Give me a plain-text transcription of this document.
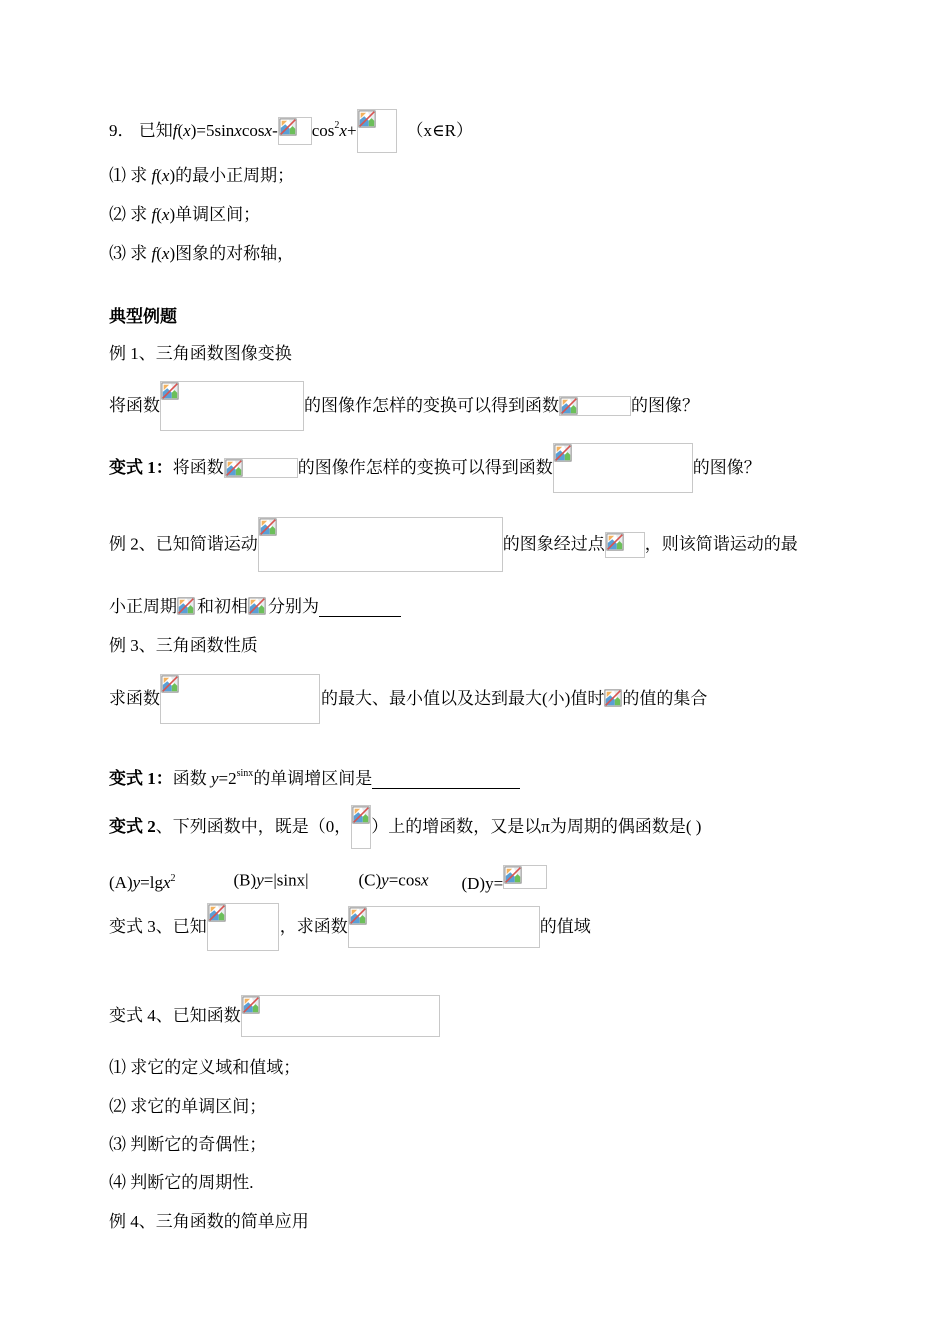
9． 已知f(x)=5sinxcosx- $\cos^2x+$	（x∈R）
⑴ 求 f(x)的最小正周期；
⑵ 求 f(x)单调区间；
⑶ 求 f(x)图象的对称轴，
典型例题
例 1、三角函数图像变换
将函数	的图像作怎样的变换可以得到函数	的图像？
变式 1：将函数	的图像作怎样的变换可以得到函数	的图像？
例 2、已知简谐运动	的图象经过点 ，则该简谐运动的最
小正周期 和初相 分别为
例 3、三角函数性质
求函数	的最大、最小值以及达到最大(小)值时 的值的集合
变式 1：函数 $y=2^{sinx}$的单调增区间是
变式 2、下列函数中，既是（0， ）上的增函数，又是以π为周期的偶函数是( )
(A)y=lgx$^2$	(B)y=|sinx|	(C)y=cosx (D)y=
变式 3、已知	，求函数	的值域
变式 4、已知函数
⑴ 求它的定义域和值域；
⑵ 求它的单调区间；
⑶ 判断它的奇偶性；
⑷ 判断它的周期性.
例 4、三角函数的简单应用
